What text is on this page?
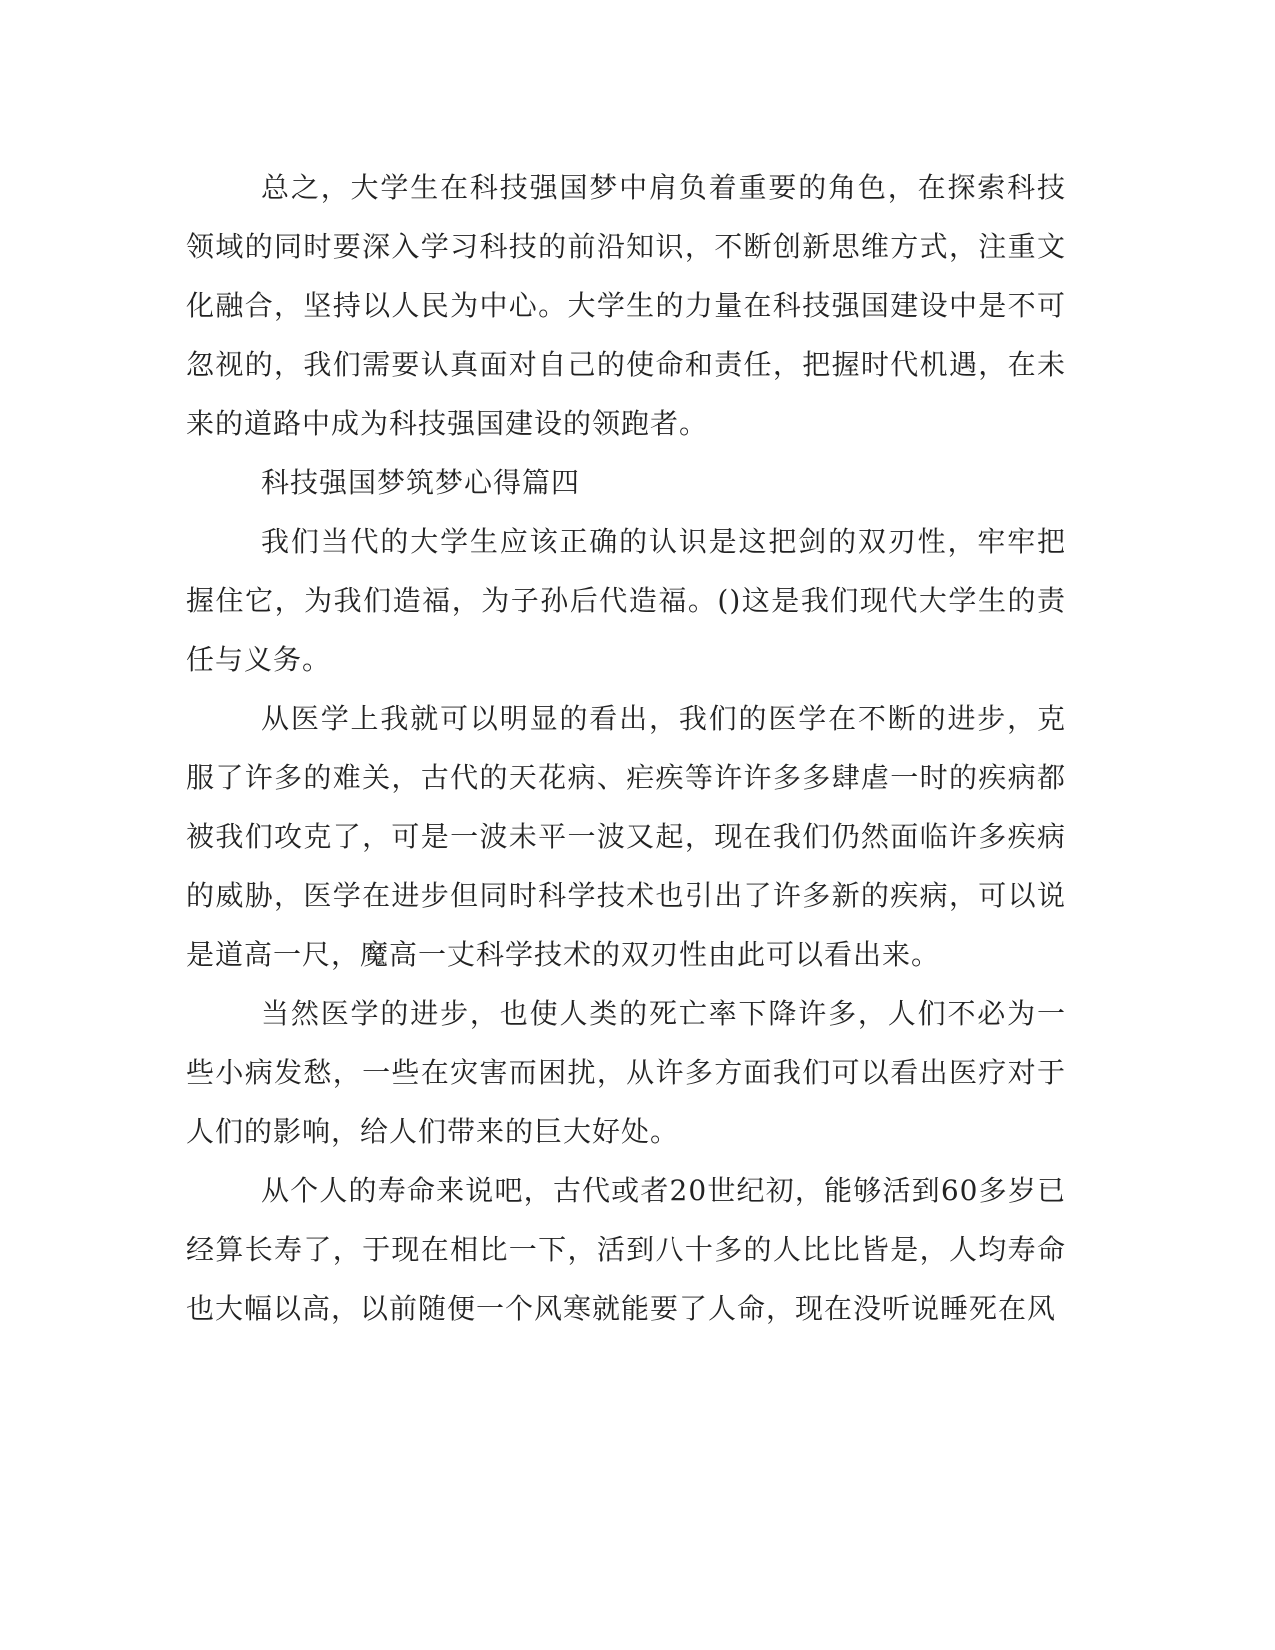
总之，大学生在科技强国梦中肩负着重要的角色，在探索科技领域的同时要深入学习科技的前沿知识，不断创新思维方式，注重文化融合，坚持以人民为中心。大学生的力量在科技强国建设中是不可忽视的，我们需要认真面对自己的使命和责任，把握时代机遇，在未来的道路中成为科技强国建设的领跑者。

科技强国梦筑梦心得篇四

我们当代的大学生应该正确的认识是这把剑的双刃性，牢牢把握住它，为我们造福，为子孙后代造福。()这是我们现代大学生的责任与义务。

从医学上我就可以明显的看出，我们的医学在不断的进步，克服了许多的难关，古代的天花病、疟疾等许许多多肆虐一时的疾病都被我们攻克了，可是一波未平一波又起，现在我们仍然面临许多疾病的威胁，医学在进步但同时科学技术也引出了许多新的疾病，可以说是道高一尺，魔高一丈科学技术的双刃性由此可以看出来。

当然医学的进步，也使人类的死亡率下降许多，人们不必为一些小病发愁，一些在灾害而困扰，从许多方面我们可以看出医疗对于人们的影响，给人们带来的巨大好处。

从个人的寿命来说吧，古代或者20世纪初，能够活到60多岁已经算长寿了，于现在相比一下，活到八十多的人比比皆是，人均寿命也大幅以高，以前随便一个风寒就能要了人命，现在没听说睡死在风
